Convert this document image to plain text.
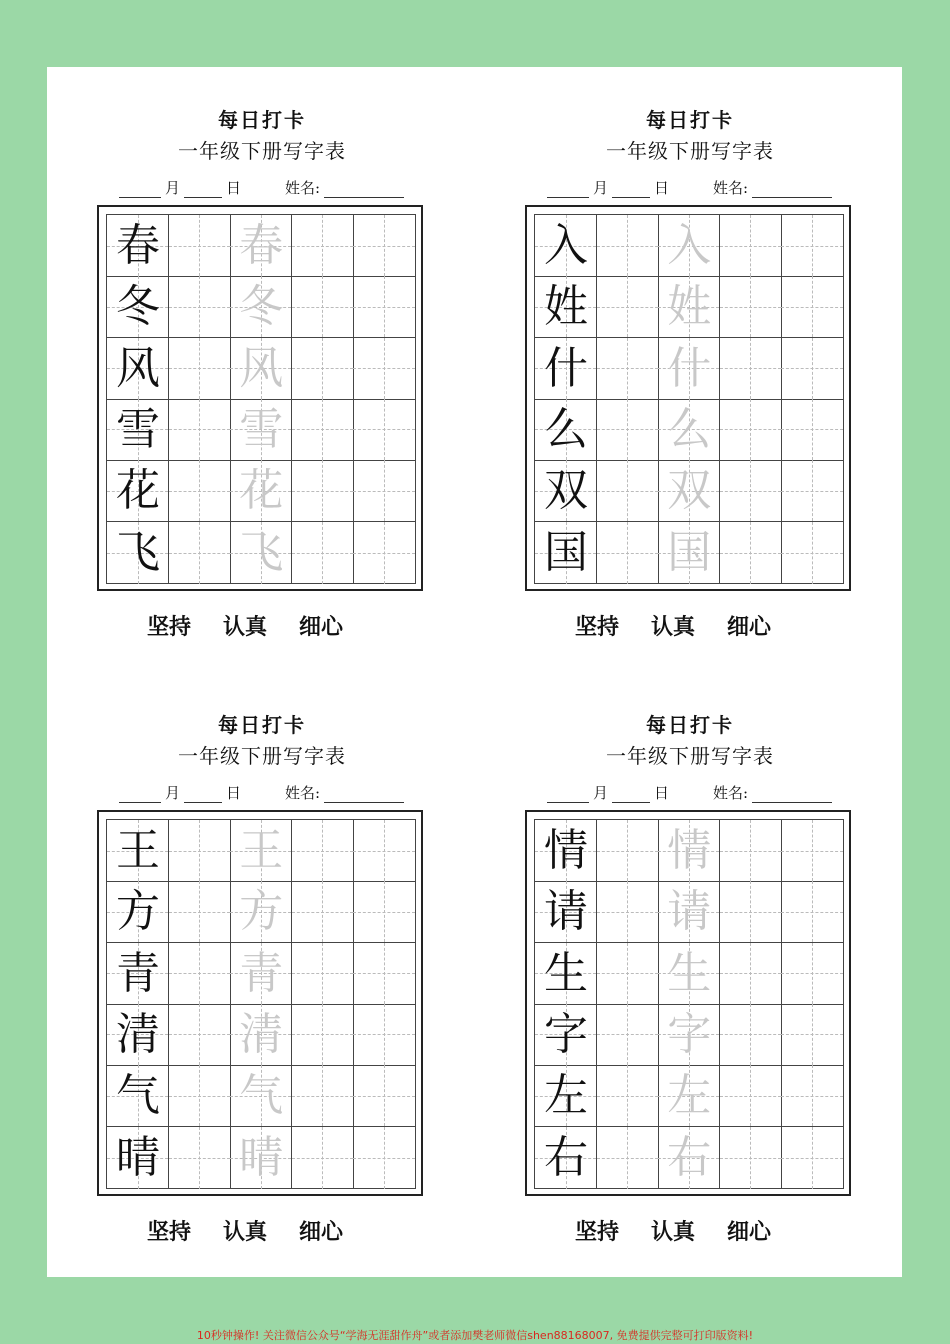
每日打卡
一年级下册写字表
月	日	姓名:
春 春
冬 冬
风 风
雪 雪
花 花
飞 飞
坚持 认真 细心
每日打卡
一年级下册写字表
月	日	姓名:
入 入
姓 姓
什 什
么 么
双 双
国 国
坚持 认真 细心
每日打卡
一年级下册写字表
月	日	姓名:
王 王
方 方
青 青
清 清
气 气
晴 晴
坚持 认真 细心
每日打卡
一年级下册写字表
月	日	姓名:
情 情
请 请
生 生
字 字
左 左
右 右
坚持 认真 细心
10秒钟操作! 关注微信公众号“学海无涯甜作舟”或者添加樊老师微信shen88168007, 免费提供完整可打印版资料!
